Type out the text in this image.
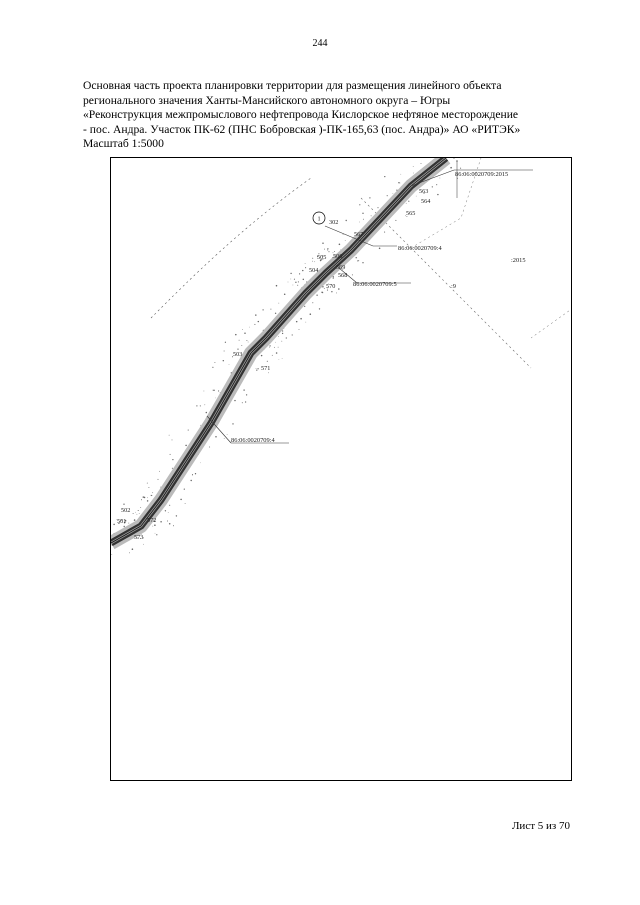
244
Основная часть проекта планировки территории для размещения линейного объекта
регионального значения Ханты-Мансийского автономного округа – Югры
«Реконструкция межпромыслового нефтепровода Кислорское нефтяное месторождение
- пос. Андра. Участок ПК-62 (ПНС Бобровская )-ПК-165,63 (пос. Андра)» АО «РИТЭК»
Масштаб 1:5000
1
86:06:0020709:2015
86:06:0020709:4
:2015
86:06:0020709:5	:9
86:06:0020709:4
563
564
565
302
567
505 506
504	569
568
570
503
571
502
501	572
573
Лист 5 из 70
